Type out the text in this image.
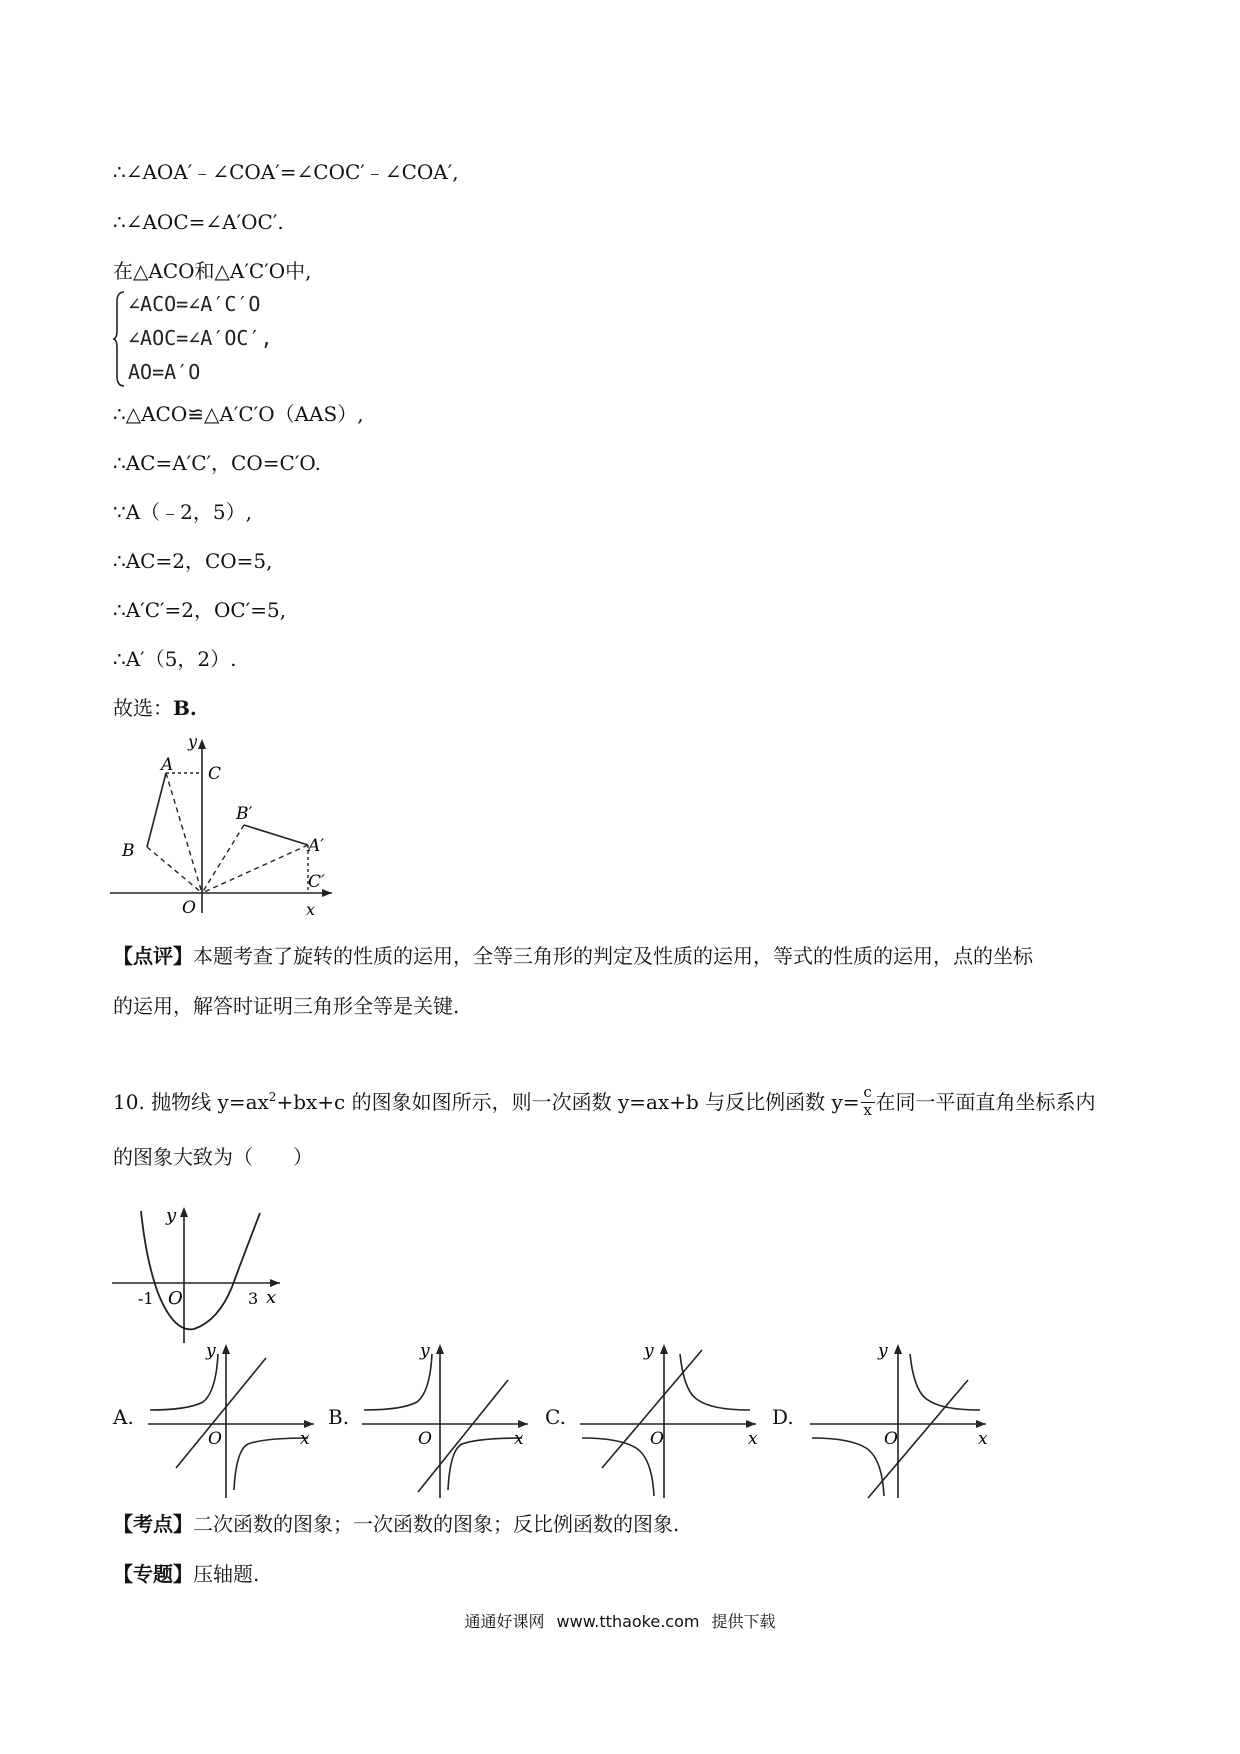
∴∠AOA′﹣∠COA′=∠COC′﹣∠COA′,
∴∠AOC=∠A′OC′.
在△ACO和△A′C′O中,
∠ACO=∠A′C′O
∠AOC=∠A′OC′,
AO=A′O
∴△ACO≌△A′C′O（AAS）,
∴AC=A′C′，CO=C′O.
∵A（﹣2，5）,
∴AC=2，CO=5,
∴A′C′=2，OC′=5,
∴A′（5，2）.
故选：B.
y
x
O
A
B
C
B′
A′
C′
【点评】本题考查了旋转的性质的运用，全等三角形的判定及性质的运用，等式的性质的运用，点的坐标
的运用，解答时证明三角形全等是关键.
10. 抛物线 $y=ax^2+bx+c$ 的图象如图所示，则一次函数 y=ax+b 与反比例函数 $y= \frac{c}{x}$ 在同一平面直角坐标系内
的图象大致为（　　）
y
x
O
-1	3
A.
y
x
O
B.
y
x
O
C.
y
x
O
D.
y
x
O
【考点】二次函数的图象；一次函数的图象；反比例函数的图象.
【专题】压轴题.
通通好课网 www.tthaoke.com 提供下载
